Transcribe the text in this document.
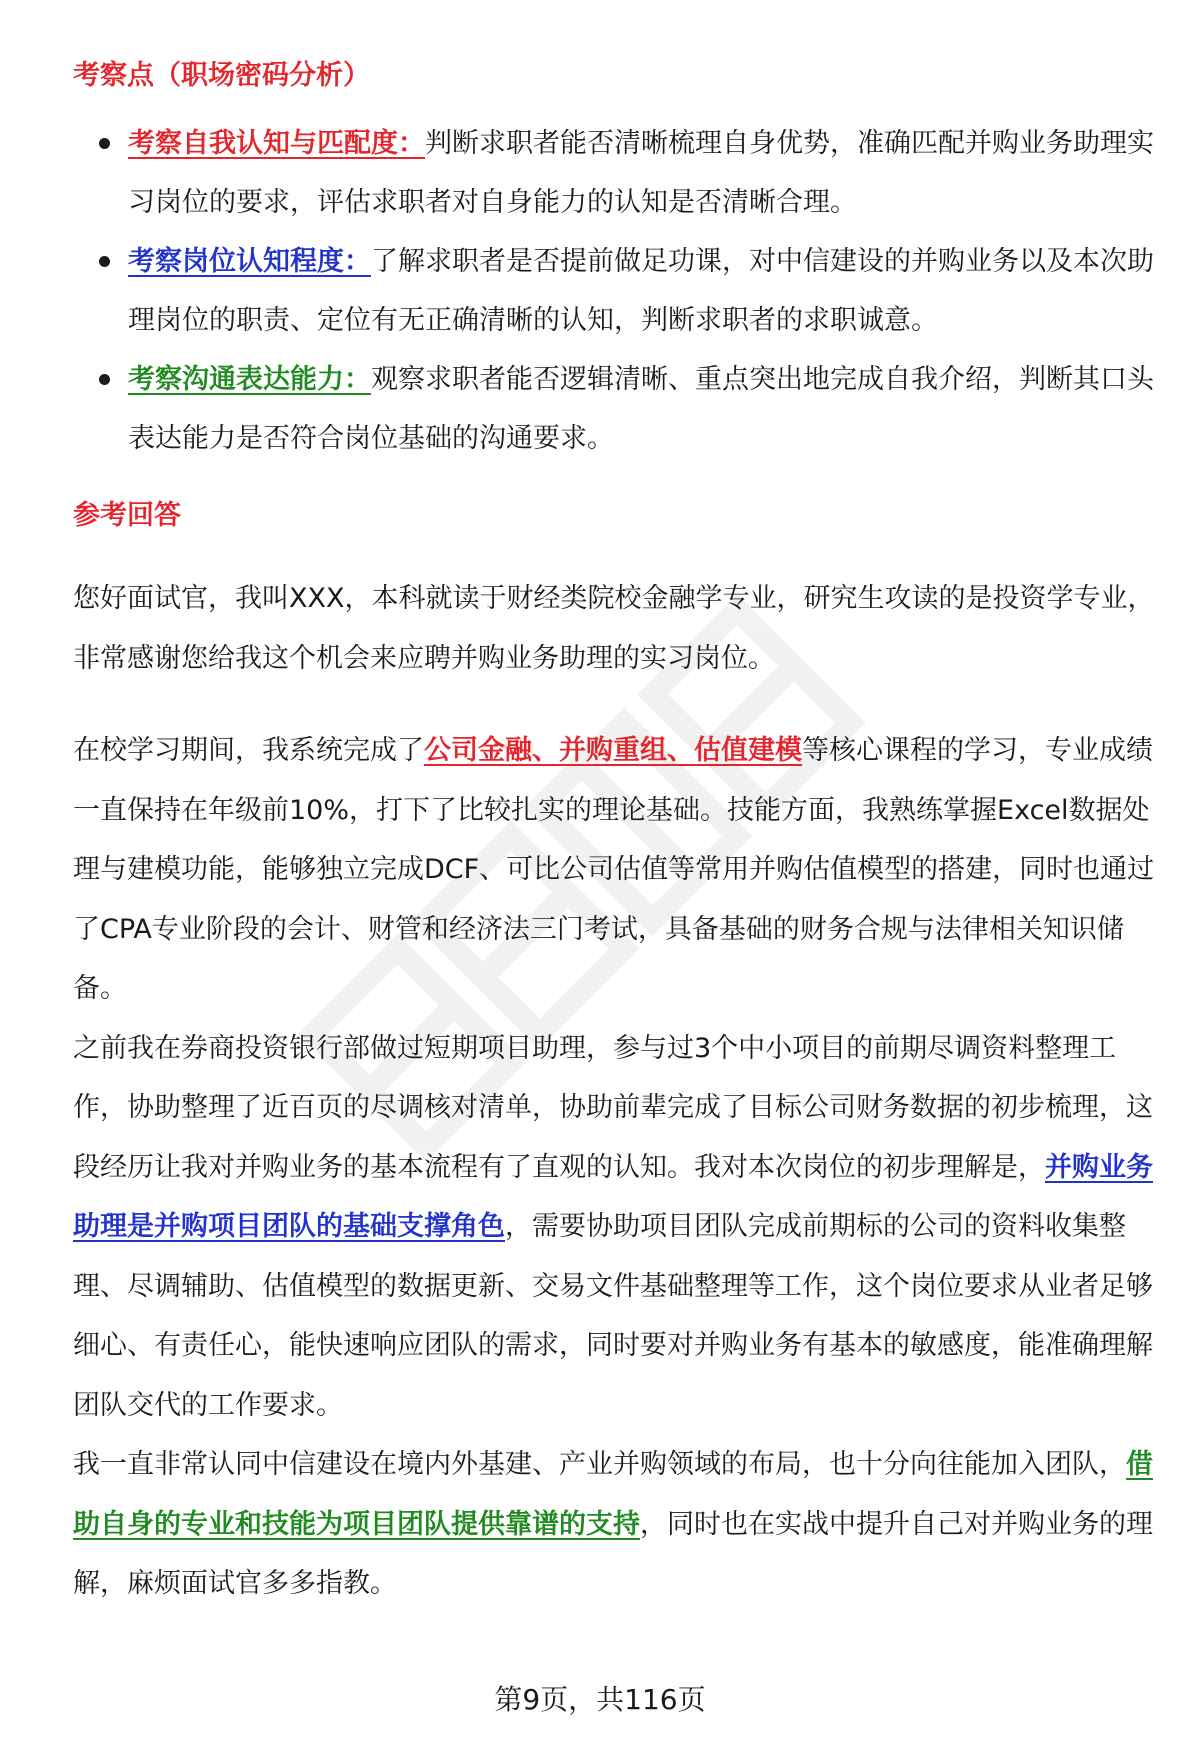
考察点（职场密码分析）
考察自我认知与匹配度：判断求职者能否清晰梳理自身优势，准确匹配并购业务助理实习岗位的要求，评估求职者对自身能力的认知是否清晰合理。
考察岗位认知程度：了解求职者是否提前做足功课，对中信建设的并购业务以及本次助理岗位的职责、定位有无正确清晰的认知，判断求职者的求职诚意。
考察沟通表达能力：观察求职者能否逻辑清晰、重点突出地完成自我介绍，判断其口头表达能力是否符合岗位基础的沟通要求。
参考回答

您好面试官，我叫XXX，本科就读于财经类院校金融学专业，研究生攻读的是投资学专业，非常感谢您给我这个机会来应聘并购业务助理的实习岗位。

在校学习期间，我系统完成了公司金融、并购重组、估值建模等核心课程的学习，专业成绩一直保持在年级前10%，打下了比较扎实的理论基础。技能方面，我熟练掌握Excel数据处理与建模功能，能够独立完成DCF、可比公司估值等常用并购估值模型的搭建，同时也通过了CPA专业阶段的会计、财管和经济法三门考试，具备基础的财务合规与法律相关知识储备。

之前我在券商投资银行部做过短期项目助理，参与过3个中小项目的前期尽调资料整理工作，协助整理了近百页的尽调核对清单，协助前辈完成了目标公司财务数据的初步梳理，这段经历让我对并购业务的基本流程有了直观的认知。我对本次岗位的初步理解是，并购业务助理是并购项目团队的基础支撑角色，需要协助项目团队完成前期标的公司的资料收集整理、尽调辅助、估值模型的数据更新、交易文件基础整理等工作，这个岗位要求从业者足够细心、有责任心，能快速响应团队的需求，同时要对并购业务有基本的敏感度，能准确理解团队交代的工作要求。

我一直非常认同中信建设在境内外基建、产业并购领域的布局，也十分向往能加入团队，借助自身的专业和技能为项目团队提供靠谱的支持，同时也在实战中提升自己对并购业务的理解，麻烦面试官多多指教。

第9页，共116页
